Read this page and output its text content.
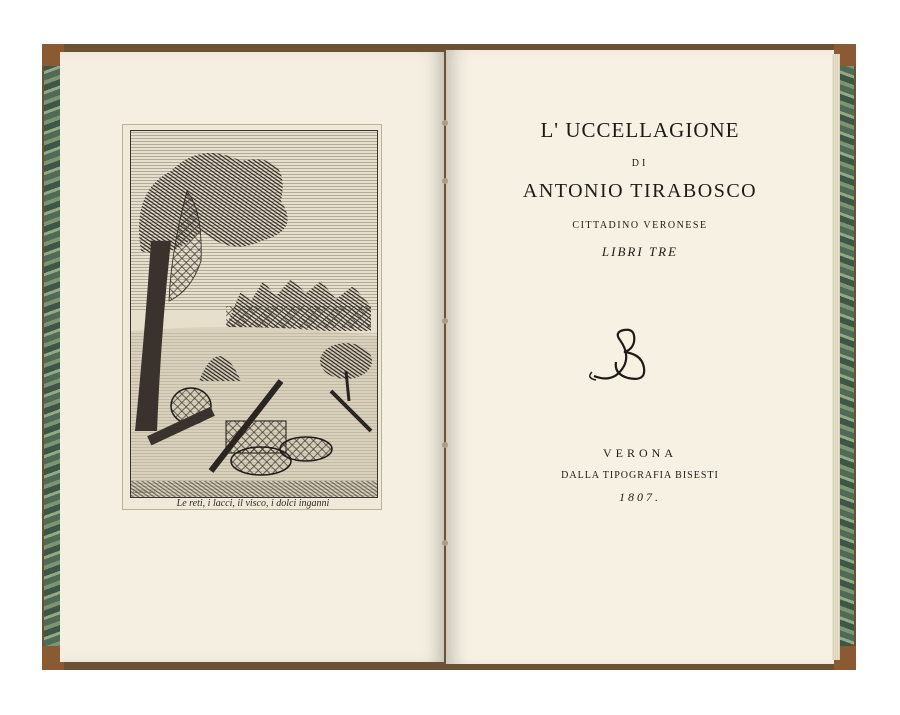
Zanotto del.
Le reti, i lacci, il visco, i dolci inganni
L' UCCELLAGIONE
DI
ANTONIO TIRABOSCO
CITTADINO VERONESE
LIBRI TRE
VERONA
DALLA TIPOGRAFIA BISESTI
1807.
